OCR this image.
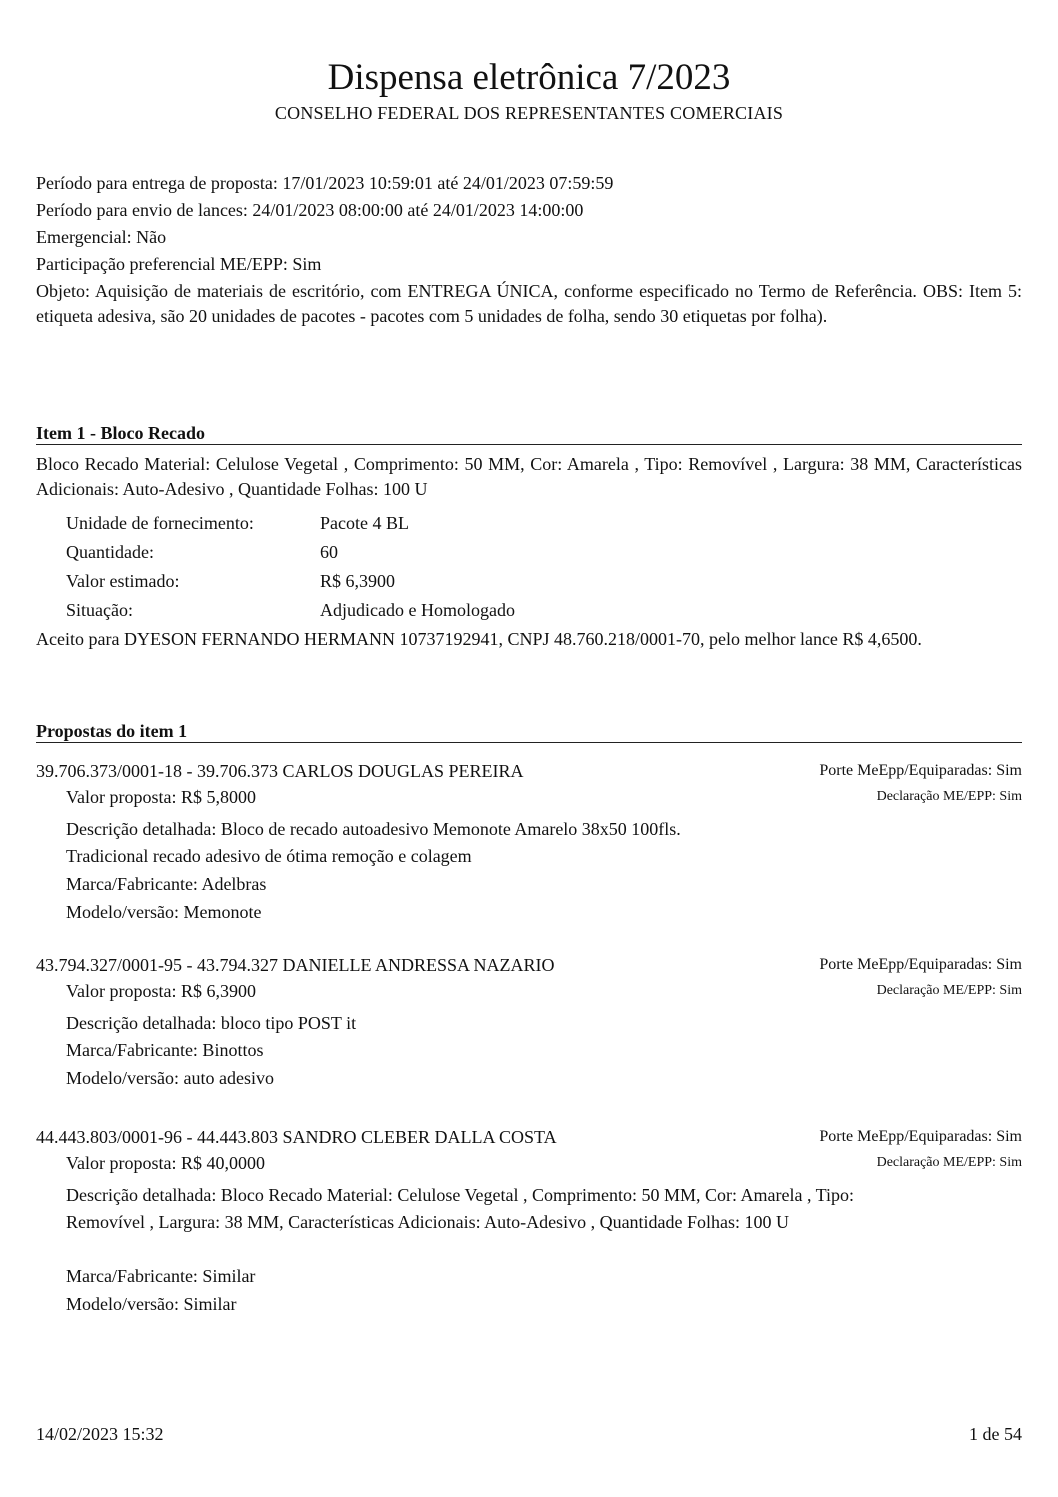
Dispensa eletrônica 7/2023
CONSELHO FEDERAL DOS REPRESENTANTES COMERCIAIS
Período para entrega de proposta: 17/01/2023 10:59:01 até 24/01/2023 07:59:59
Período para envio de lances: 24/01/2023 08:00:00 até 24/01/2023 14:00:00
Emergencial: Não
Participação preferencial ME/EPP: Sim
Objeto: Aquisição de materiais de escritório, com ENTREGA ÚNICA, conforme especificado no Termo de Referência. OBS: Item 5: etiqueta adesiva, são 20 unidades de pacotes - pacotes com 5 unidades de folha, sendo 30 etiquetas por folha).
Item 1 - Bloco Recado
Bloco Recado Material: Celulose Vegetal , Comprimento: 50 MM, Cor: Amarela , Tipo: Removível , Largura: 38 MM, Características Adicionais: Auto-Adesivo , Quantidade Folhas: 100 U
Unidade de fornecimento:	Pacote 4 BL
Quantidade:	60
Valor estimado:	R$ 6,3900
Situação:	Adjudicado e Homologado
Aceito para DYESON FERNANDO HERMANN 10737192941, CNPJ 48.760.218/0001-70, pelo melhor lance R$ 4,6500.
Propostas do item 1
39.706.373/0001-18 - 39.706.373 CARLOS DOUGLAS PEREIRA	Porte MeEpp/Equiparadas: Sim
Valor proposta: R$ 5,8000	Declaração ME/EPP: Sim
Descrição detalhada: Bloco de recado autoadesivo Memonote Amarelo 38x50 100fls.
Tradicional recado adesivo de ótima remoção e colagem
Marca/Fabricante: Adelbras
Modelo/versão: Memonote
43.794.327/0001-95 - 43.794.327 DANIELLE ANDRESSA NAZARIO	Porte MeEpp/Equiparadas: Sim
Valor proposta: R$ 6,3900	Declaração ME/EPP: Sim
Descrição detalhada: bloco tipo POST it
Marca/Fabricante: Binottos
Modelo/versão: auto adesivo
44.443.803/0001-96 - 44.443.803 SANDRO CLEBER DALLA COSTA	Porte MeEpp/Equiparadas: Sim
Valor proposta: R$ 40,0000	Declaração ME/EPP: Sim
Descrição detalhada: Bloco Recado Material: Celulose Vegetal , Comprimento: 50 MM, Cor: Amarela , Tipo:
Removível , Largura: 38 MM, Características Adicionais: Auto-Adesivo , Quantidade Folhas: 100 U
Marca/Fabricante: Similar
Modelo/versão: Similar
14/02/2023 15:32	1 de 54
